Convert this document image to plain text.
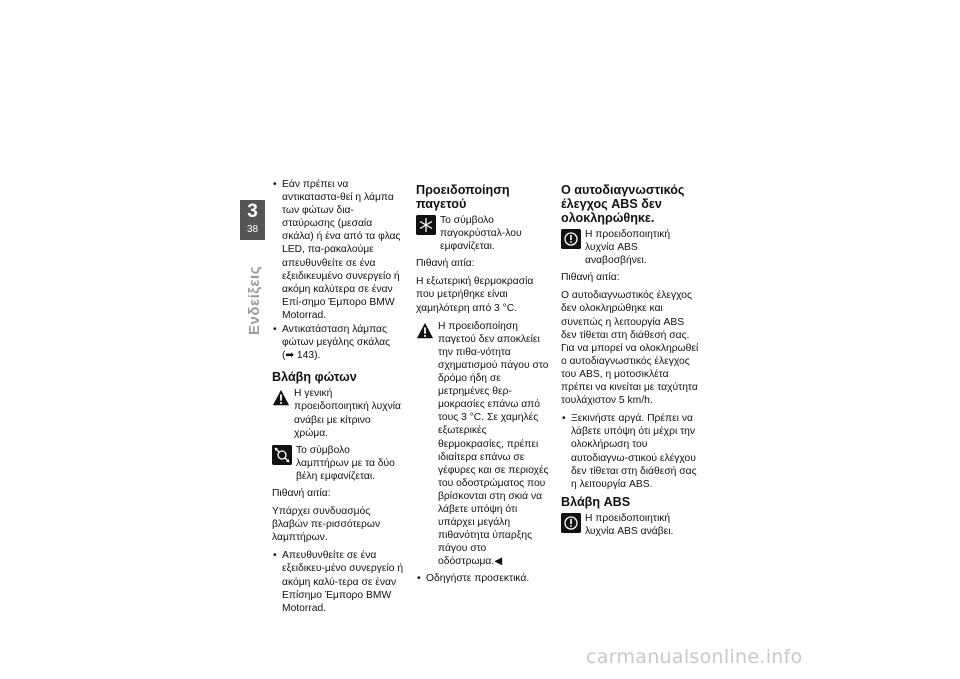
3
38
Ενδείξεις
• Εάν πρέπει να αντικαταστα-θεί η λάμπα των φώτων δια-σταύρωσης (μεσαία σκάλα) ή ένα από τα φλας LED, πα-ρακαλούμε απευθυνθείτε σε ένα εξειδικευμένο συνεργείο ή ακόμη καλύτερα σε έναν Επί-σημο Έμπορο BMW Motorrad.
• Αντικατάσταση λάμπας φώτων μεγάλης σκάλας (➡ 143).
Βλάβη φώτων
Η γενική προειδοποιητική λυχνία ανάβει με κίτρινο χρώμα.
Το σύμβολο λαμπτήρων με τα δύο βέλη εμφανίζεται.

Πιθανή αιτία:

Υπάρχει συνδυασμός βλαβών πε-ρισσότερων λαμπτήρων.

• Απευθυνθείτε σε ένα εξειδικευ-μένο συνεργείο ή ακόμη καλύ-τερα σε έναν Επίσημο Έμπορο BMW Motorrad.
Προειδοποίηση παγετού
Το σύμβολο παγοκρύσταλ-λου εμφανίζεται.

Πιθανή αιτία:

Η εξωτερική θερμοκρασία που μετρήθηκε είναι χαμηλότερη από 3 °C.

Η προειδοποίηση παγετού δεν αποκλείει την πιθα-νότητα σχηματισμού πάγου στο δρόμο ήδη σε μετρημένες θερ-μοκρασίες επάνω από τους 3 °C. Σε χαμηλές εξωτερικές θερμοκρασίες, πρέπει ιδιαίτερα επάνω σε γέφυρες και σε περιοχές του οδοστρώματος που βρίσκονται στη σκιά να λάβετε υπόψη ότι υπάρχει μεγάλη πιθανότητα ύπαρξης πάγου στο οδόστρωμα.◀
• Οδηγήστε προσεκτικά.
Ο αυτοδιαγνωστικός έλεγχος ABS δεν ολοκληρώθηκε.
Η προειδοποιητική λυχνία ABS αναβοσβήνει.

Πιθανή αιτία:

Ο αυτοδιαγνωστικός έλεγχος δεν ολοκληρώθηκε και συνεπώς η λειτουργία ABS δεν τίθεται στη διάθεσή σας. Για να μπορεί να ολοκληρωθεί ο αυτοδιαγνωστικός έλεγχος του ABS, η μοτοσικλέτα πρέπει να κινείται με ταχύτητα τουλάχιστον 5 km/h.

• Ξεκινήστε αργά. Πρέπει να λάβετε υπόψη ότι μέχρι την ολοκλήρωση του αυτοδιαγνω-στικού ελέγχου δεν τίθεται στη διάθεσή σας η λειτουργία ABS.
Βλάβη ABS
Η προειδοποιητική λυχνία ABS ανάβει.
carmanualsonline.info
